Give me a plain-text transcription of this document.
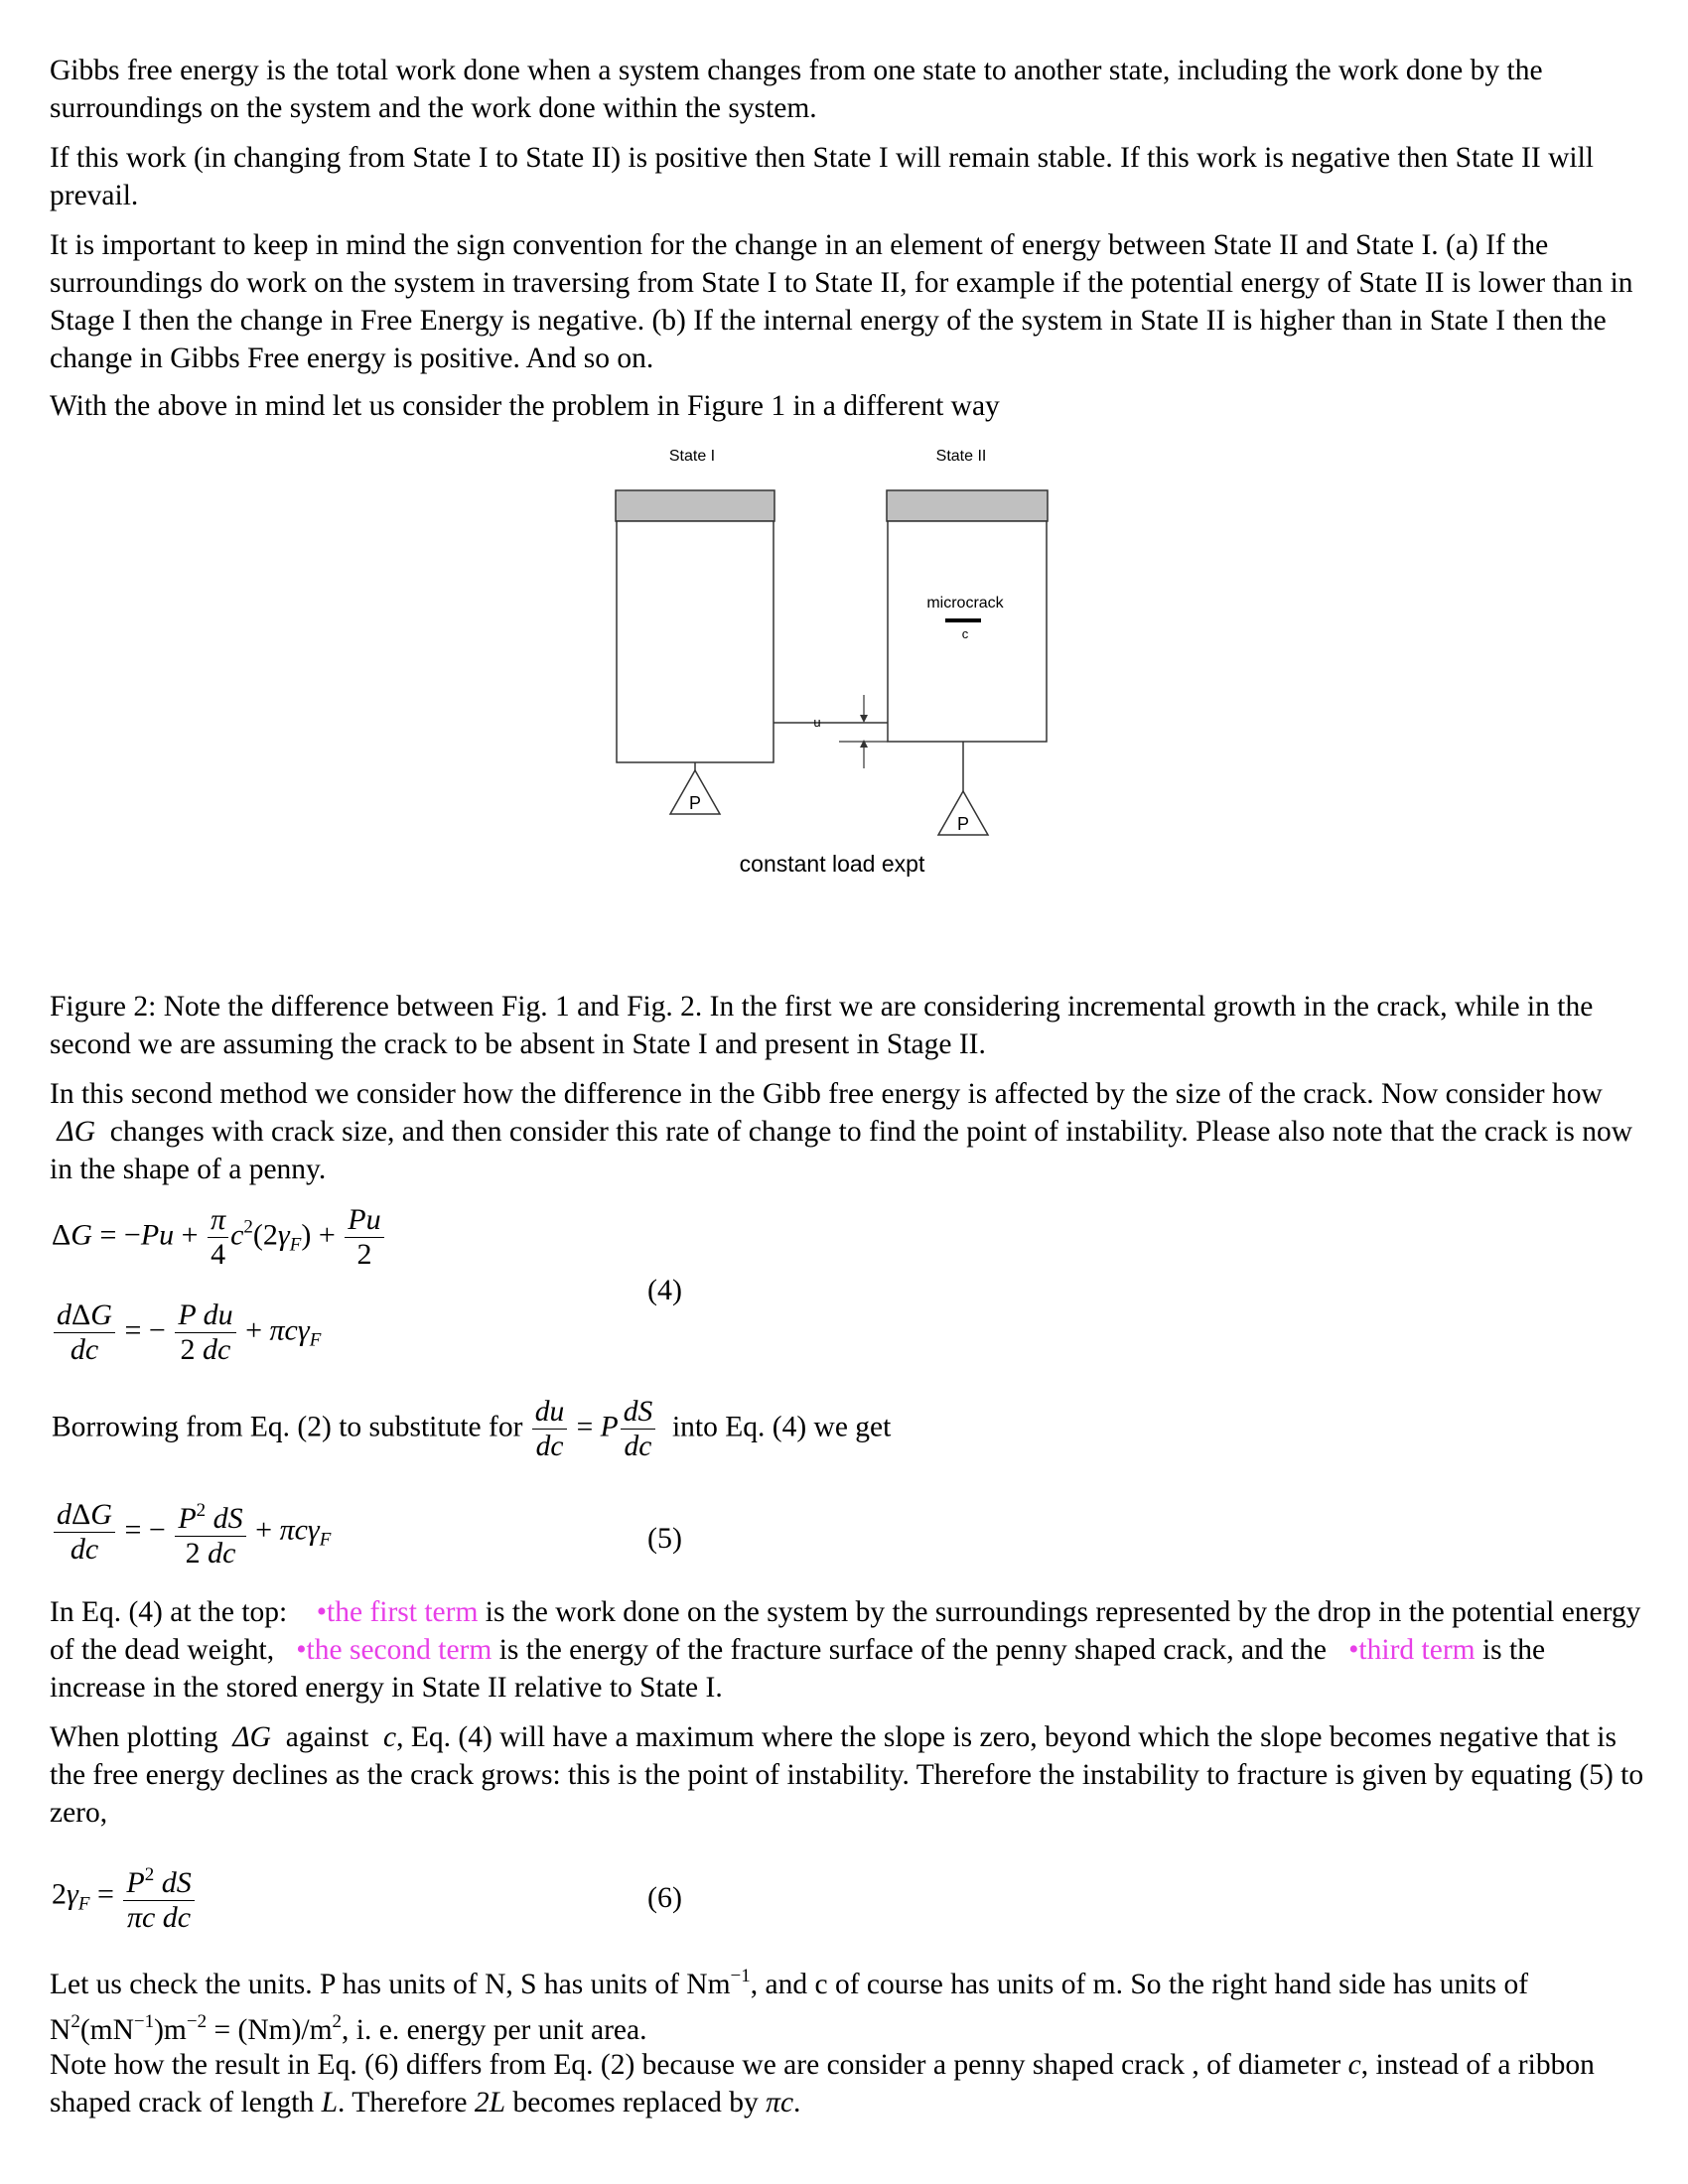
Gibbs free energy is the total work done when a system changes from one state to another state, including the work done by the surroundings on the system and the work done within the system.

If this work (in changing from State I to State II) is positive then State I will remain stable. If this work is negative then State II will prevail.

It is important to keep in mind the sign convention for the change in an element of energy between State II and State I. (a) If the surroundings do work on the system in traversing from State I to State II, for example if the potential energy of State II is lower than in Stage I then the change in Free Energy is negative. (b) If the internal energy of the system in State II is higher than in State I then the change in Gibbs Free energy is positive. And so on.

With the above in mind let us consider the problem in Figure 1 in a different way

State I	State II
microcrack
c
u
P
P
constant load expt

Figure 2: Note the difference between Fig. 1 and Fig. 2. In the first we are considering incremental growth in the crack, while in the second we are assuming the crack to be absent in State I and present in Stage II.

In this second method we consider how the difference in the Gibb free energy is affected by the size of the crack. Now consider how  ΔG  changes with crack size, and then consider this rate of change to find the point of instability. Please also note that the crack is now in the shape of a penny.

$\Delta G = -Pu + \frac{\pi}{4} c^2(2\gamma_F) + \frac{Pu}{2}$
(4)
$\frac{\text{dΔG}}{dc}$ = − $\frac{\text{P du}}{2 dc} + \pi c\gamma_F$
Borrowing from Eq. (2) to substitute for $\frac{du}{dc} = P \frac{dS}{dc}$ into Eq. (4) we get
$\frac{\text{dΔG}}{dc}$ = − $\frac{P^2 dS}{2 dc} + \pi c\gamma_F$	(5)

In Eq. (4) at the top: •the first term is the work done on the system by the surroundings represented by the drop in the potential energy of the dead weight, •the second term is the energy of the fracture surface of the penny shaped crack, and the •third term is the increase in the stored energy in State II relative to State I.

When plotting  ΔG  against  c, Eq. (4) will have a maximum where the slope is zero, beyond which the slope becomes negative that is the free energy declines as the crack grows: this is the point of instability. Therefore the instability to fracture is given by equating (5) to zero,

$2\gamma_F = \frac{P^2 dS}{\text{πc dc}}$	(6)

Let us check the units. P has units of N, S has units of $Nm^{-1}$, and c of course has units of m. So the right hand side has units of $N^2(mN^{-1})m^{-2} = (Nm)/m^2$, i. e. energy per unit area.

Note how the result in Eq. (6) differs from Eq. (2) because we are consider a penny shaped crack , of diameter c, instead of a ribbon shaped crack of length L. Therefore 2L becomes replaced by πc.
